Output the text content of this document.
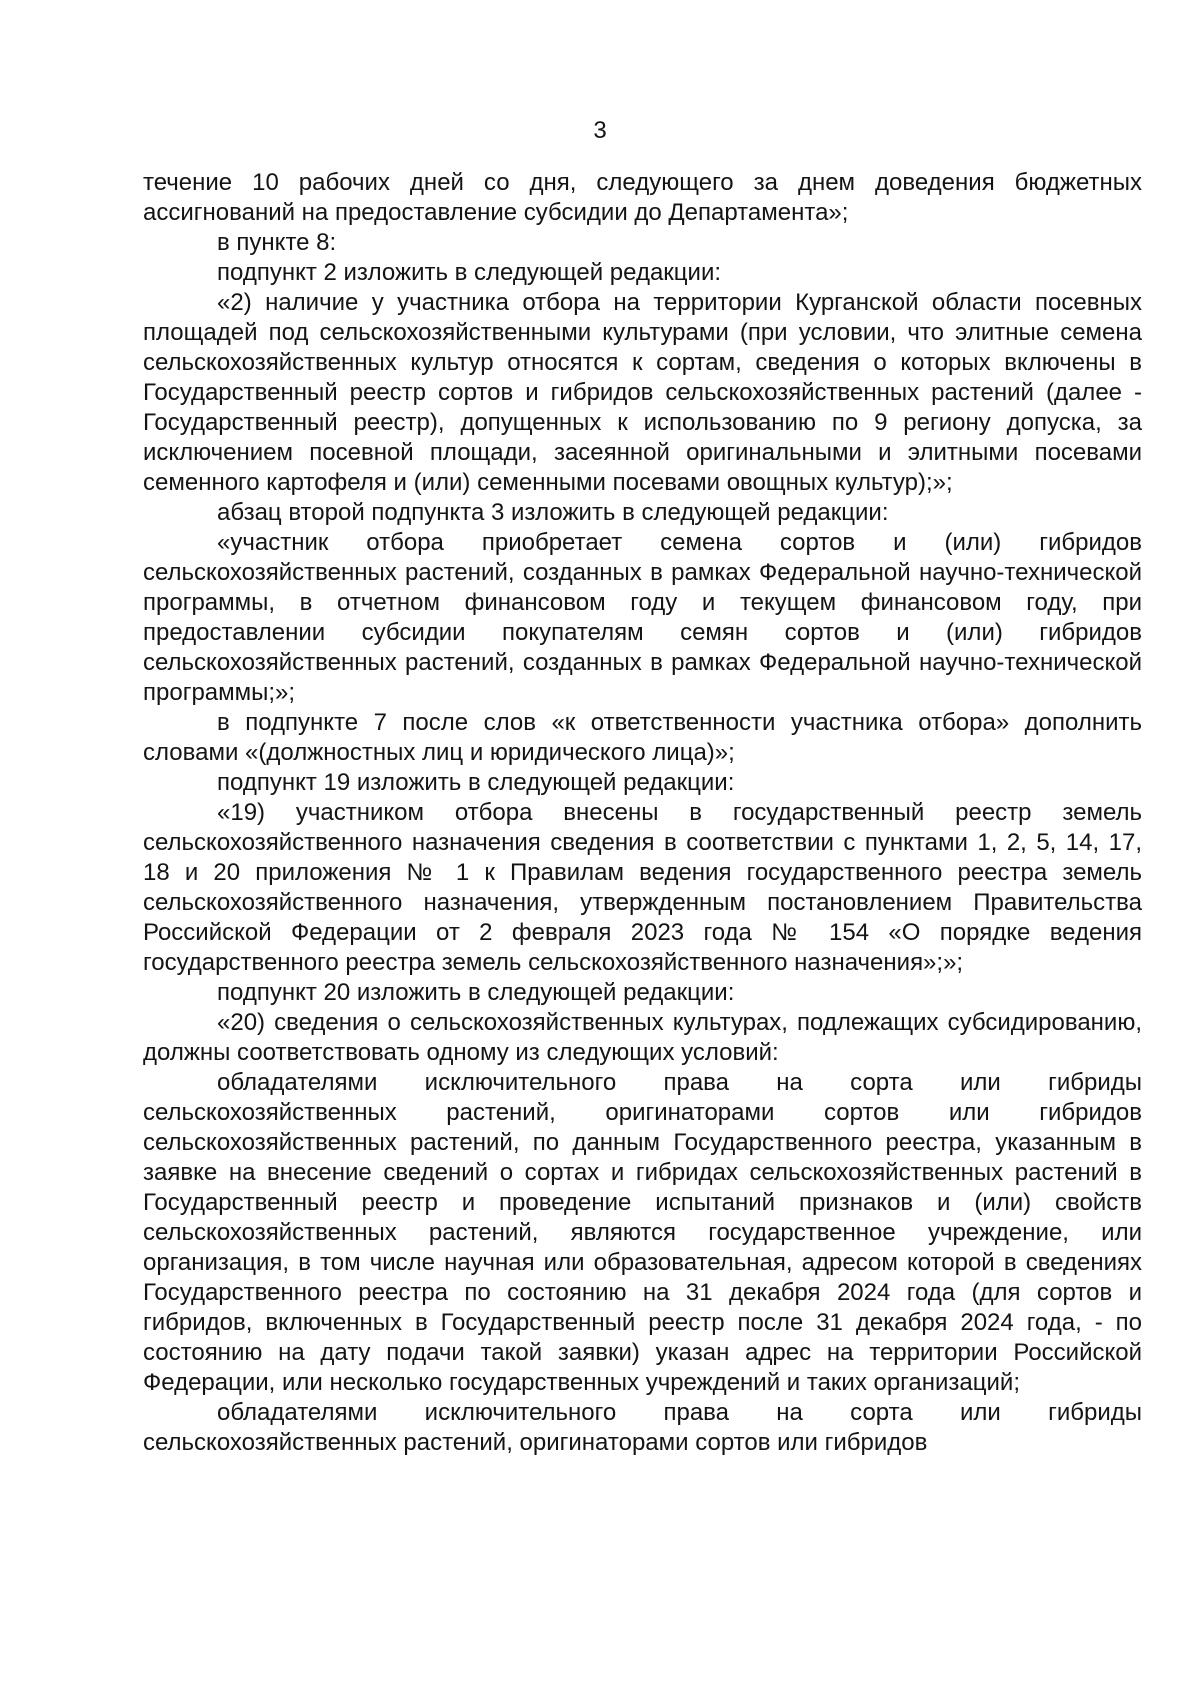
3

течение 10 рабочих дней со дня, следующего за днем доведения бюджетных ассигнований на предоставление субсидии до Департамента»;

в пункте 8:

подпункт 2 изложить в следующей редакции:

«2) наличие у участника отбора на территории Курганской области посевных площадей под сельскохозяйственными культурами (при условии, что элитные семена сельскохозяйственных культур относятся к сортам, сведения о которых включены в Государственный реестр сортов и гибридов сельскохозяйственных растений (далее - Государственный реестр), допущенных к использованию по 9 региону допуска, за исключением посевной площади, засеянной оригинальными и элитными посевами семенного картофеля и (или) семенными посевами овощных культур);»;

абзац второй подпункта 3 изложить в следующей редакции:

«участник отбора приобретает семена сортов и (или) гибридов сельскохозяйственных растений, созданных в рамках Федеральной научно-технической программы, в отчетном финансовом году и текущем финансовом году, при предоставлении субсидии покупателям семян сортов и (или) гибридов сельскохозяйственных растений, созданных в рамках Федеральной научно-технической программы;»;

в подпункте 7 после слов «к ответственности участника отбора» дополнить словами «(должностных лиц и юридического лица)»;

подпункт 19 изложить в следующей редакции:

«19) участником отбора внесены в государственный реестр земель сельскохозяйственного назначения сведения в соответствии с пунктами 1, 2, 5, 14, 17, 18 и 20 приложения № 1 к Правилам ведения государственного реестра земель сельскохозяйственного назначения, утвержденным постановлением Правительства Российской Федерации от 2 февраля 2023 года № 154 «О порядке ведения государственного реестра земель сельскохозяйственного назначения»;»;

подпункт 20 изложить в следующей редакции:

«20) сведения о сельскохозяйственных культурах, подлежащих субсидированию, должны соответствовать одному из следующих условий:

обладателями исключительного права на сорта или гибриды сельскохозяйственных растений, оригинаторами сортов или гибридов сельскохозяйственных растений, по данным Государственного реестра, указанным в заявке на внесение сведений о сортах и гибридах сельскохозяйственных растений в Государственный реестр и проведение испытаний признаков и (или) свойств сельскохозяйственных растений, являются государственное учреждение, или организация, в том числе научная или образовательная, адресом которой в сведениях Государственного реестра по состоянию на 31 декабря 2024 года (для сортов и гибридов, включенных в Государственный реестр после 31 декабря 2024 года, - по состоянию на дату подачи такой заявки) указан адрес на территории Российской Федерации, или несколько государственных учреждений и таких организаций;

обладателями исключительного права на сорта или гибриды сельскохозяйственных растений, оригинаторами сортов или гибридов
